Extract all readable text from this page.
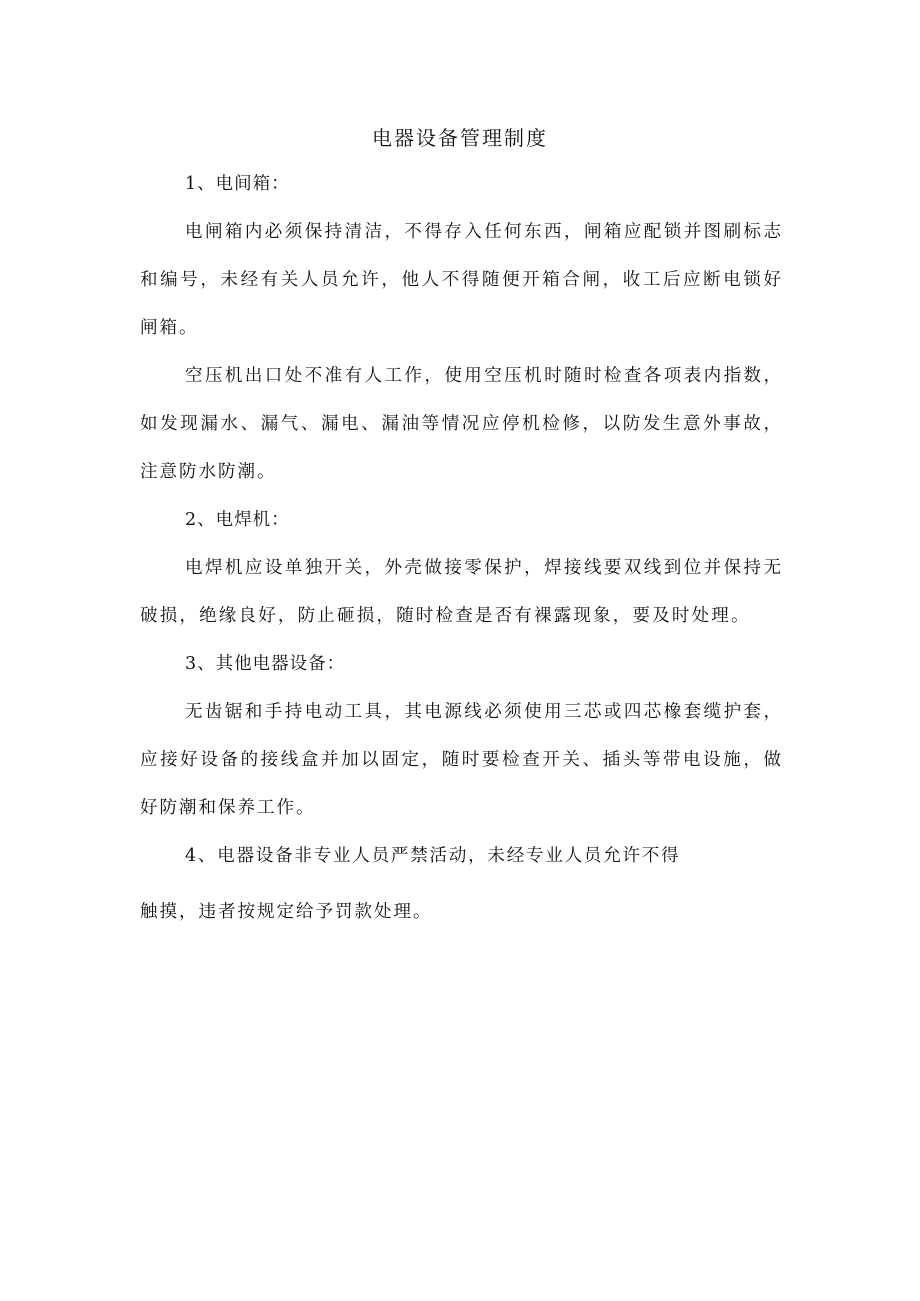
电器设备管理制度

1、电间箱：

电闸箱内必须保持清洁，不得存入任何东西，闸箱应配锁并图刷标志

和编号，未经有关人员允许，他人不得随便开箱合闸，收工后应断电锁好

闸箱。

空压机出口处不准有人工作，使用空压机时随时检查各项表内指数，

如发现漏水、漏气、漏电、漏油等情况应停机检修，以防发生意外事故，

注意防水防潮。

2、电焊机：

电焊机应设单独开关，外壳做接零保护，焊接线要双线到位并保持无

破损，绝缘良好，防止砸损，随时检查是否有裸露现象，要及时处理。

3、其他电器设备：

无齿锯和手持电动工具，其电源线必须使用三芯或四芯橡套缆护套，

应接好设备的接线盒并加以固定，随时要检查开关、插头等带电设施，做

好防潮和保养工作。

4、电器设备非专业人员严禁活动，未经专业人员允许不得

触摸，违者按规定给予罚款处理。
